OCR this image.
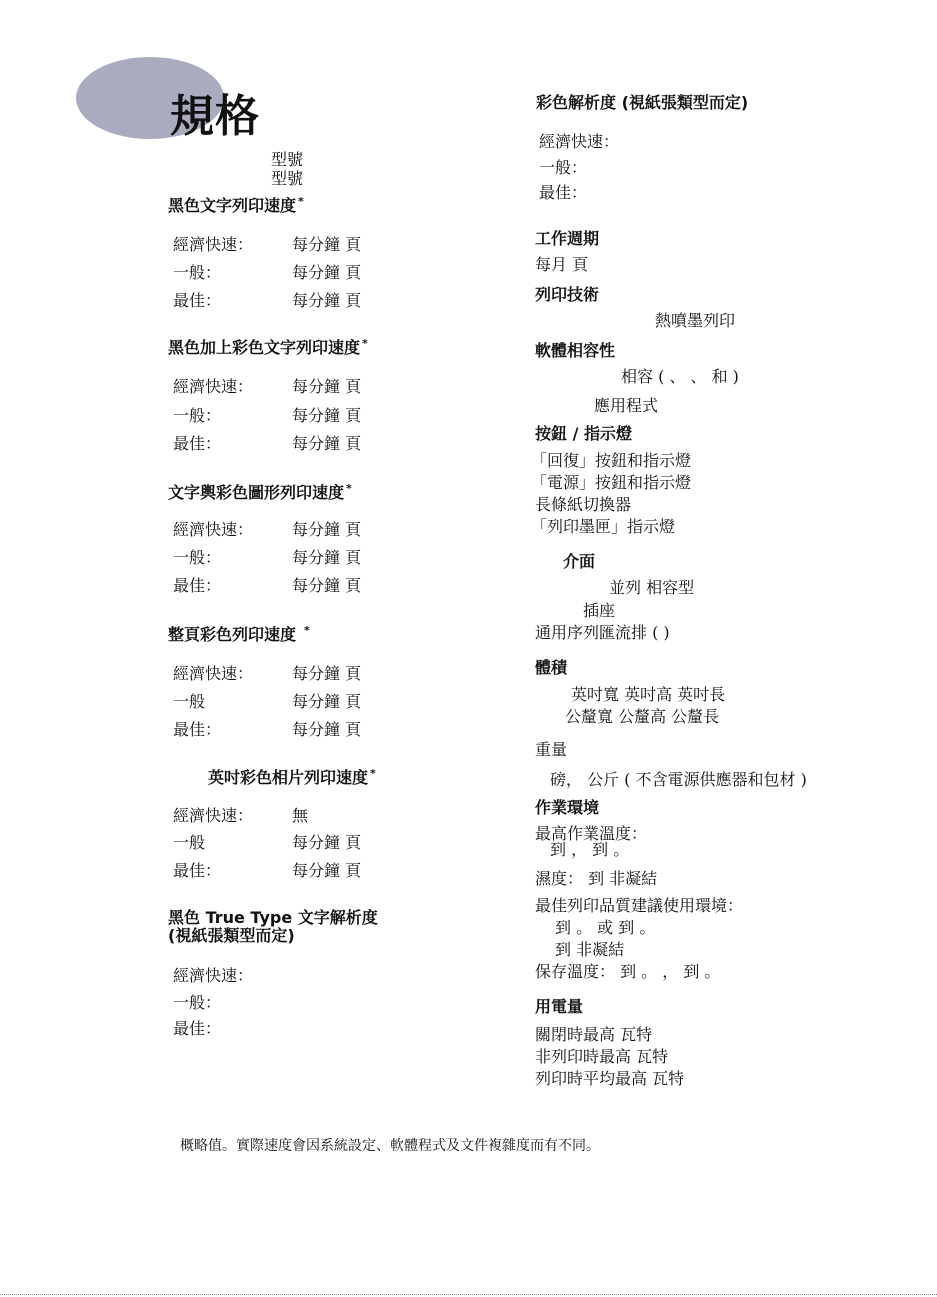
規格
型號
型號
黑色文字列印速度 *
經濟快速： 每分鐘 頁
一般：	每分鐘 頁
最佳：	每分鐘 頁
黑色加上彩色文字列印速度 *
經濟快速： 每分鐘 頁
一般：	每分鐘 頁
最佳：	每分鐘 頁
文字輿彩色圖形列印速度 *
經濟快速： 每分鐘 頁
一般：	每分鐘 頁
最佳：	每分鐘 頁
整頁彩色列印速度 *
經濟快速： 每分鐘 頁
一般	每分鐘 頁
最佳：	每分鐘 頁
英吋彩色相片列印速度 *
經濟快速： 無
一般	每分鐘 頁
最佳：	每分鐘 頁
黑色 True Type 文字解析度
(視紙張類型而定)
經濟快速：
一般：
最佳：
彩色解析度 (視紙張類型而定)
經濟快速：
一般：
最佳：
工作週期
每月 頁
列印技術
熱噴墨列印
軟體相容性
相容 ( 、 、 和 )
應用程式
按鈕 / 指示燈
「回復」按鈕和指示燈
「電源」按鈕和指示燈
長條紙切換器
「列印墨匣」指示燈
介面
並列 相容型
插座
通用序列匯流排 ( )
體積
英吋寬 英吋高 英吋長
公釐寬 公釐高 公釐長
重量
磅， 公斤 ( 不含電源供應器和包材 )
作業環境
最高作業溫度：
到 ， 到 。
濕度： 到 非凝結
最佳列印品質建議使用環境：
到 。 或 到 。
到 非凝結
保存溫度： 到 。 ， 到 。
用電量
關閉時最高 瓦特
非列印時最高 瓦特
列印時平均最高 瓦特
概略值。實際速度會因系統設定、軟體程式及文件複雜度而有不同。
